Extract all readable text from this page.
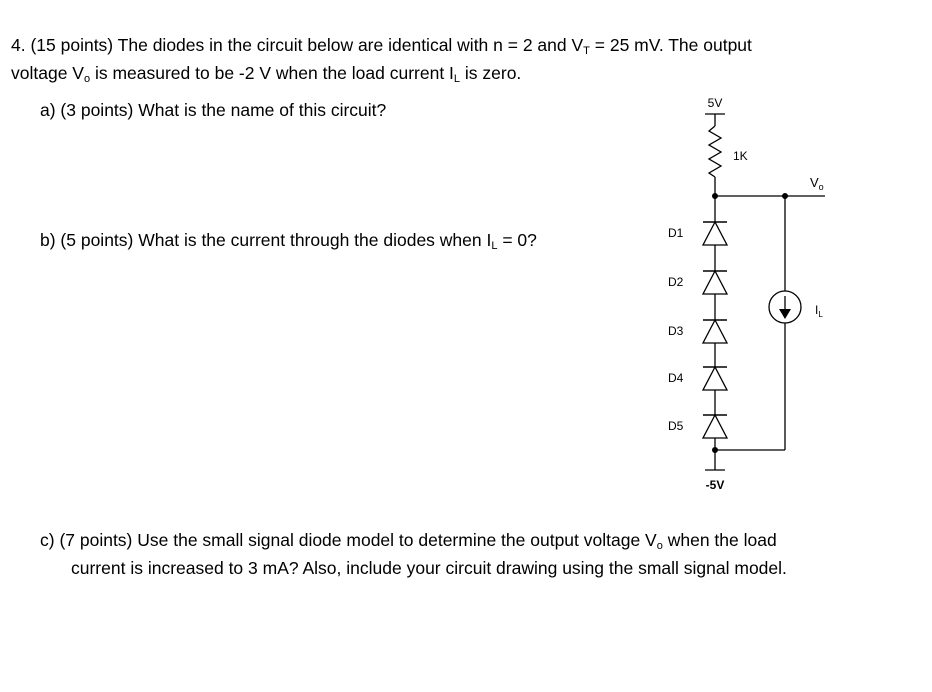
4. (15 points) The diodes in the circuit below are identical with n = 2 and $V_T = 25$ mV. The output
voltage $V_o$ is measured to be -2 V when the load current $I_L$ is zero.
a) (3 points) What is the name of this circuit?
b) (5 points) What is the current through the diodes when $I_L = 0$?
c) (7 points) Use the small signal diode model to determine the output voltage $V_o$ when the load
current is increased to 3 mA? Also, include your circuit drawing using the small signal model.
D1
D2
D3
D4
D5
5V
1K
$V_o$
$I_L$
-5V
